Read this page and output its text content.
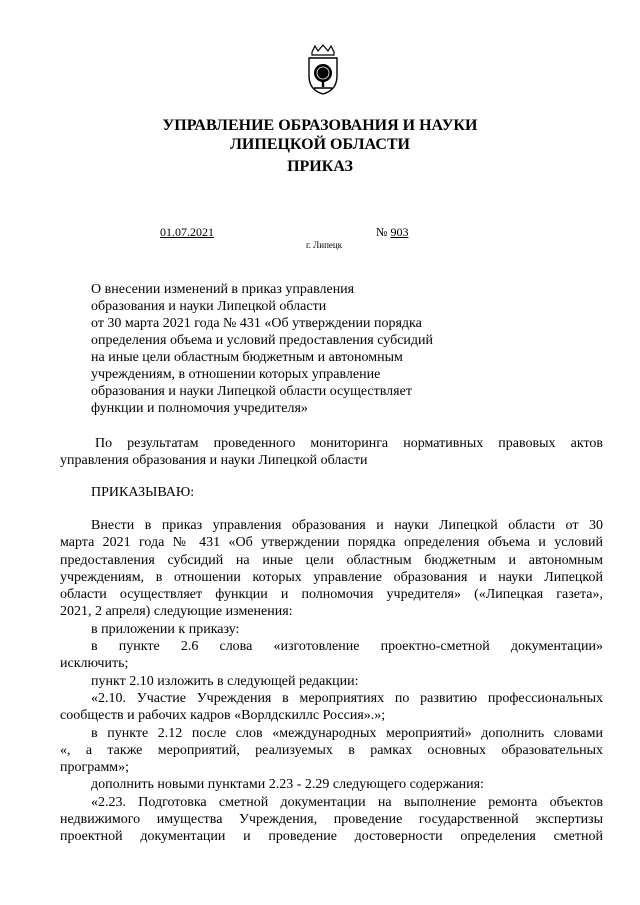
УПРАВЛЕНИЕ ОБРАЗОВАНИЯ И НАУКИ
ЛИПЕЦКОЙ ОБЛАСТИ
ПРИКАЗ
01.07.2021	№ 903
г. Липецк
О внесении изменений в приказ управления
образования и науки Липецкой области
от 30 марта 2021 года № 431 «Об утверждении порядка
определения объема и условий предоставления субсидий
на иные цели областным бюджетным и автономным
учреждениям, в отношении которых управление
образования и науки Липецкой области осуществляет
функции и полномочия учредителя»
По результатам проведенного мониторинга нормативных правовых актов
управления образования и науки Липецкой области
ПРИКАЗЫВАЮ:
Внести в приказ управления образования и науки Липецкой области от 30
марта 2021 года № 431 «Об утверждении порядка определения объема и условий
предоставления субсидий на иные цели областным бюджетным и автономным
учреждениям, в отношении которых управление образования и науки Липецкой
области осуществляет функции и полномочия учредителя» («Липецкая газета»,
2021, 2 апреля) следующие изменения:
в приложении к приказу:
в пункте 2.6 слова «изготовление проектно-сметной документации»
исключить;
пункт 2.10 изложить в следующей редакции:
«2.10. Участие Учреждения в мероприятиях по развитию профессиональных
сообществ и рабочих кадров «Ворлдскиллс Россия».»;
в пункте 2.12 после слов «международных мероприятий» дополнить словами
«, а также мероприятий, реализуемых в рамках основных образовательных
программ»;
дополнить новыми пунктами 2.23 - 2.29 следующего содержания:
«2.23. Подготовка сметной документации на выполнение ремонта объектов
недвижимого имущества Учреждения, проведение государственной экспертизы
проектной документации и проведение достоверности определения сметной
